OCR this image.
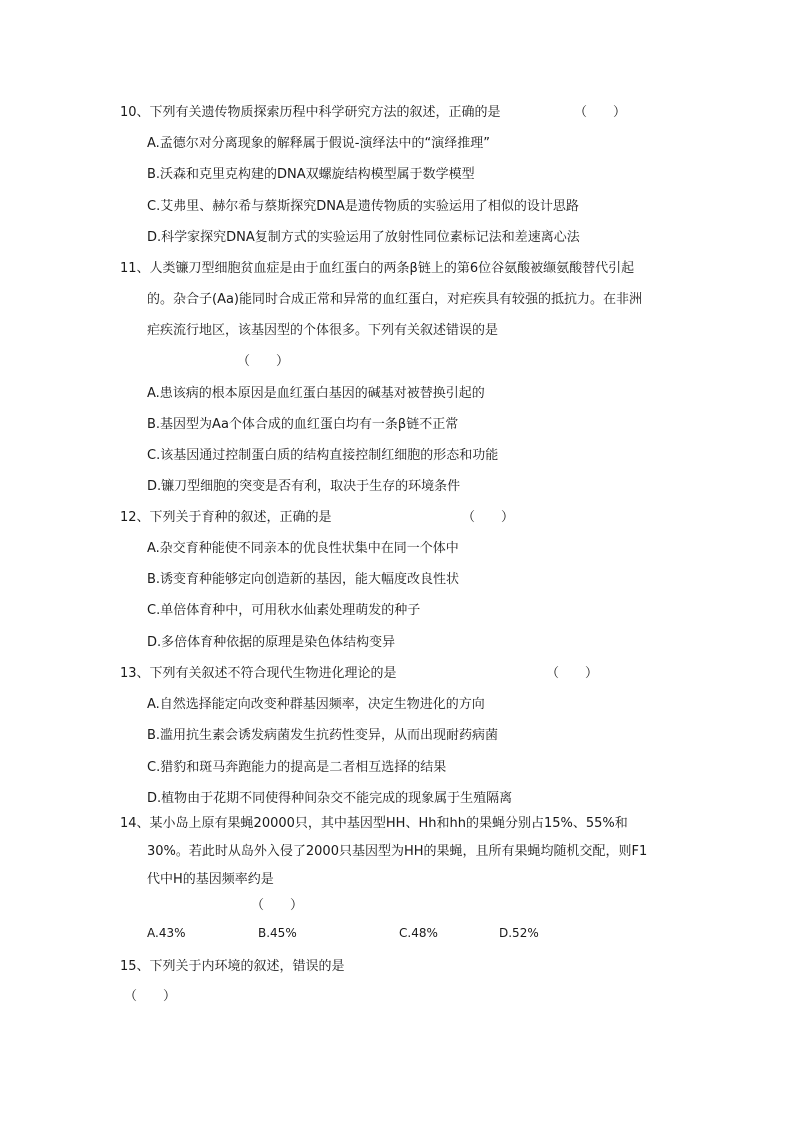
10、下列有关遗传物质探索历程中科学研究方法的叙述，正确的是	（　　）
A.孟德尔对分离现象的解释属于假说-演绎法中的“演绎推理”
B.沃森和克里克构建的DNA双螺旋结构模型属于数学模型
C.艾弗里、赫尔希与蔡斯探究DNA是遗传物质的实验运用了相似的设计思路
D.科学家探究DNA复制方式的实验运用了放射性同位素标记法和差速离心法
11、人类镰刀型细胞贫血症是由于血红蛋白的两条β链上的第6位谷氨酸被缬氨酸替代引起
的。杂合子(Aa)能同时合成正常和异常的血红蛋白，对疟疾具有较强的抵抗力。在非洲
疟疾流行地区，该基因型的个体很多。下列有关叙述错误的是
（　　）
A.患该病的根本原因是血红蛋白基因的碱基对被替换引起的
B.基因型为Aa个体合成的血红蛋白均有一条β链不正常
C.该基因通过控制蛋白质的结构直接控制红细胞的形态和功能
D.镰刀型细胞的突变是否有利，取决于生存的环境条件
12、下列关于育种的叙述，正确的是	（　　）
A.杂交育种能使不同亲本的优良性状集中在同一个体中
B.诱变育种能够定向创造新的基因，能大幅度改良性状
C.单倍体育种中，可用秋水仙素处理萌发的种子
D.多倍体育种依据的原理是染色体结构变异
13、下列有关叙述不符合现代生物进化理论的是	（　　）
A.自然选择能定向改变种群基因频率，决定生物进化的方向
B.滥用抗生素会诱发病菌发生抗药性变异，从而出现耐药病菌
C.猎豹和斑马奔跑能力的提高是二者相互选择的结果
D.植物由于花期不同使得种间杂交不能完成的现象属于生殖隔离
14、某小岛上原有果蝇20000只，其中基因型HH、Hh和hh的果蝇分别占15%、55%和
30%。若此时从岛外入侵了2000只基因型为HH的果蝇，且所有果蝇均随机交配，则F1
代中H的基因频率约是
（　　）
A.43%	B.45%	C.48%	D.52%
15、下列关于内环境的叙述，错误的是
（　　）
